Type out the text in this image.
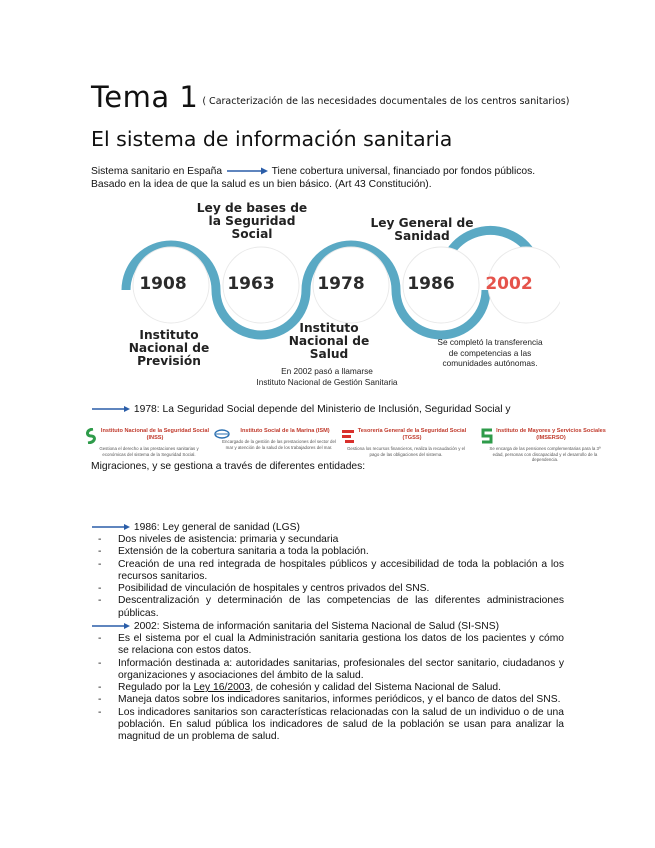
Tema 1 ( Caracterización de las necesidades documentales de los centros sanitarios)
El sistema de información sanitaria
Sistema sanitario en España	Tiene cobertura universal, financiado por fondos públicos.
Basado en la idea de que la salud es un bien básico. (Art 43 Constitución).
1908	1963	1978	1986	2002
Ley de bases de
la Seguridad
Social
Ley General de
Sanidad
Instituto
Nacional de
Previsión
Instituto
Nacional de
Salud
En 2002 pasó a llamarse
Instituto Nacional de Gestión Sanitaria
Se completó la transferencia
de competencias a las
comunidades autónomas.
1978: La Seguridad Social depende del Ministerio de Inclusión, Seguridad Social y
Instituto Nacional de la Seguridad Social (INSS)
Gestiona el derecho a las prestaciones sanitarias y económicas del sistema de la Seguridad Social.
Instituto Social de la Marina (ISM)
Encargado de la gestión de las prestaciones del sector del mar y atención de la salud de los trabajadores del mar.
Tesorería General de la Seguridad Social (TGSS)
Gestiona los recursos financieros, realiza la recaudación y el pago de las obligaciones del sistema.
Instituto de Mayores y Servicios Sociales (IMSERSO)
Se encarga de las pensiones complementarias para la 3ª edad, personas con discapacidad y el desarrollo de la dependencia.
Migraciones, y se gestiona a través de diferentes entidades:
1986: Ley general de sanidad (LGS)
- Dos niveles de asistencia: primaria y secundaria
- Extensión de la cobertura sanitaria a toda la población.
- Creación de una red integrada de hospitales públicos y accesibilidad de toda la población a los recursos sanitarios.
- Posibilidad de vinculación de hospitales y centros privados del SNS.
- Descentralización y determinación de las competencias de las diferentes administraciones públicas.
2002: Sistema de información sanitaria del Sistema Nacional de Salud (SI-SNS)
- Es el sistema por el cual la Administración sanitaria gestiona los datos de los pacientes y cómo se relaciona con estos datos.
- Información destinada a: autoridades sanitarias, profesionales del sector sanitario, ciudadanos y organizaciones y asociaciones del ámbito de la salud.
- Regulado por la Ley 16/2003, de cohesión y calidad del Sistema Nacional de Salud.
- Maneja datos sobre los indicadores sanitarios, informes periódicos, y el banco de datos del SNS.
- Los indicadores sanitarios son características relacionadas con la salud de un individuo o de una población. En salud pública los indicadores de salud de la población se usan para analizar la magnitud de un problema de salud.
